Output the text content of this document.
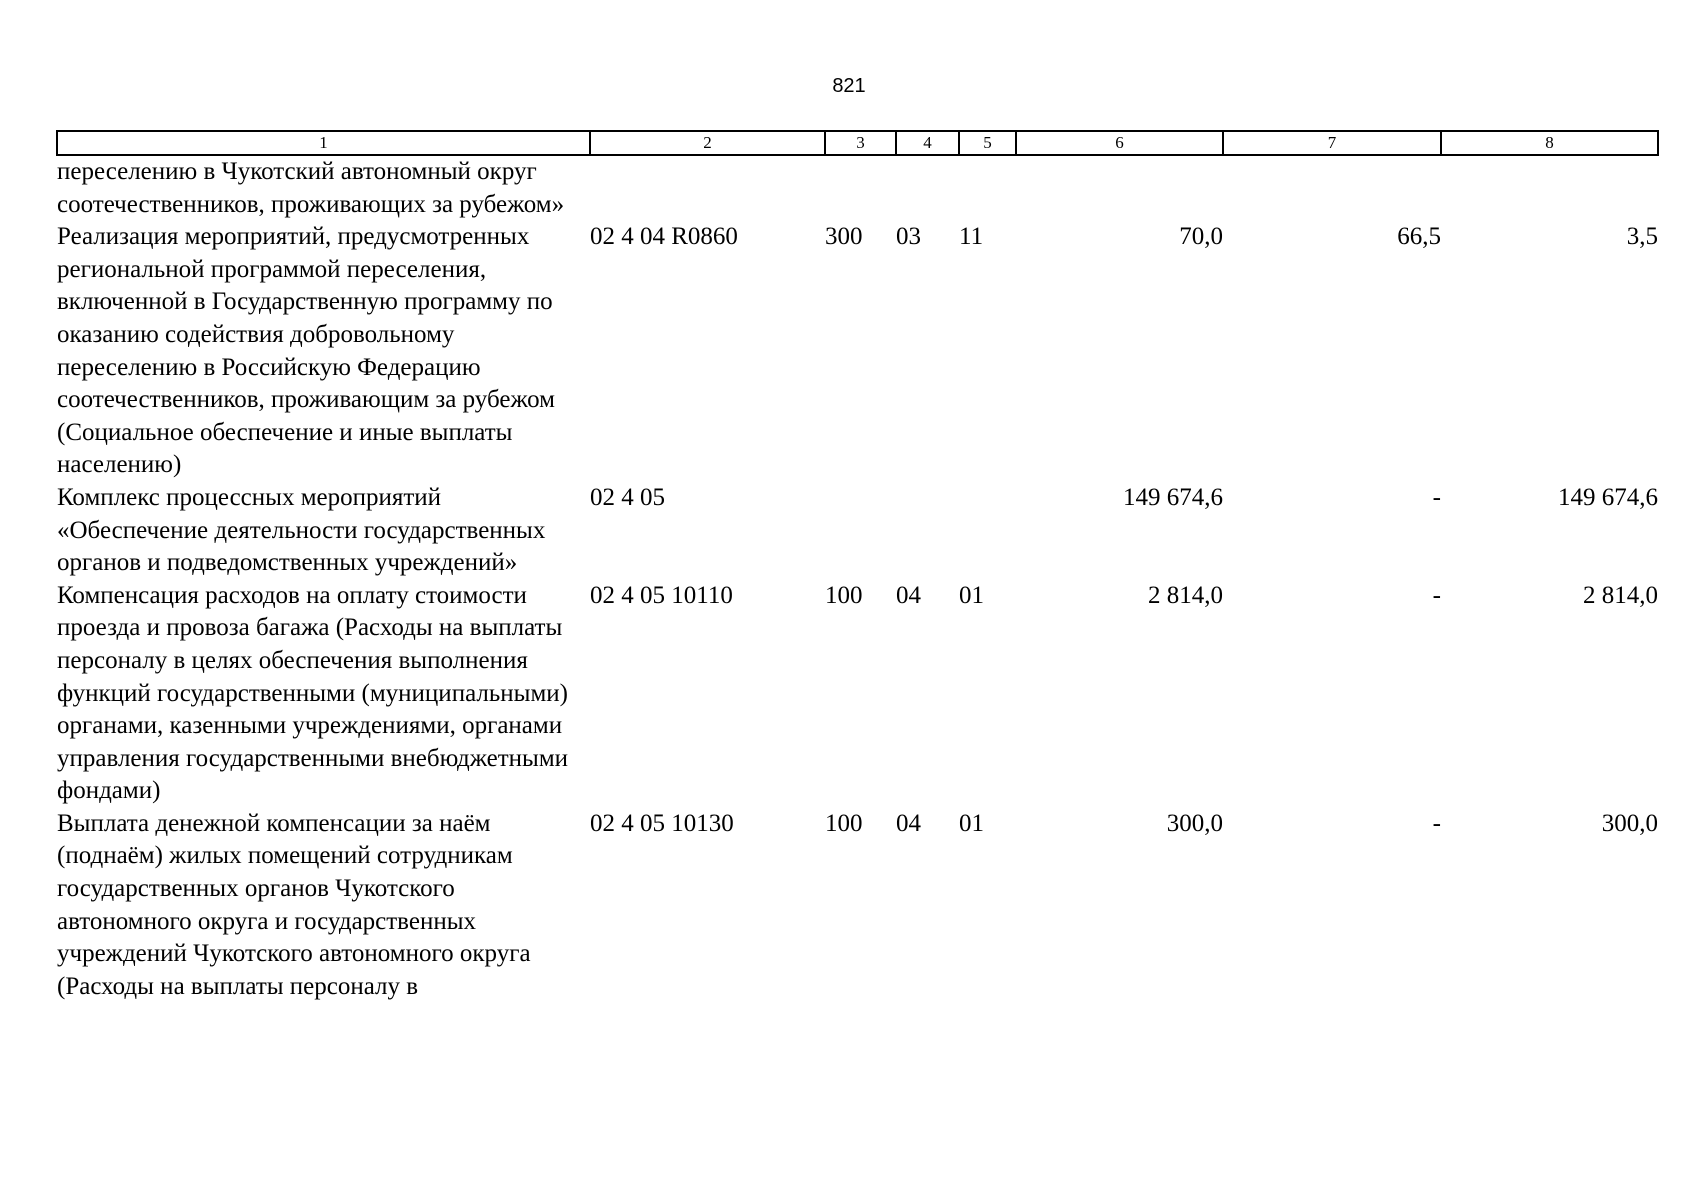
821
1	2	3	4	5	6	7	8
переселению в Чукотский автономный округ соотечественников, проживающих за рубежом»							
Реализация мероприятий, предусмотренных региональной программой переселения, включенной в Государственную программу по оказанию содействия добровольному переселению в Российскую Федерацию соотечественников, проживающим за рубежом (Социальное обеспечение и иные выплаты населению)	02 4 04 R0860	300	03	11	70,0	66,5	3,5
Комплекс процессных мероприятий «Обеспечение деятельности государственных органов и подведомственных учреждений»	02 4 05				149 674,6	-	149 674,6
Компенсация расходов на оплату стоимости проезда и провоза багажа (Расходы на выплаты персоналу в целях обеспечения выполнения функций государственными (муниципальными) органами, казенными учреждениями, органами управления государственными внебюджетными фондами)	02 4 05 10110	100	04	01	2 814,0	-	2 814,0
Выплата денежной компенсации за наём (поднаём) жилых помещений сотрудникам государственных органов Чукотского автономного округа и государственных учреждений Чукотского автономного округа (Расходы на выплаты персоналу в	02 4 05 10130	100	04	01	300,0	-	300,0
